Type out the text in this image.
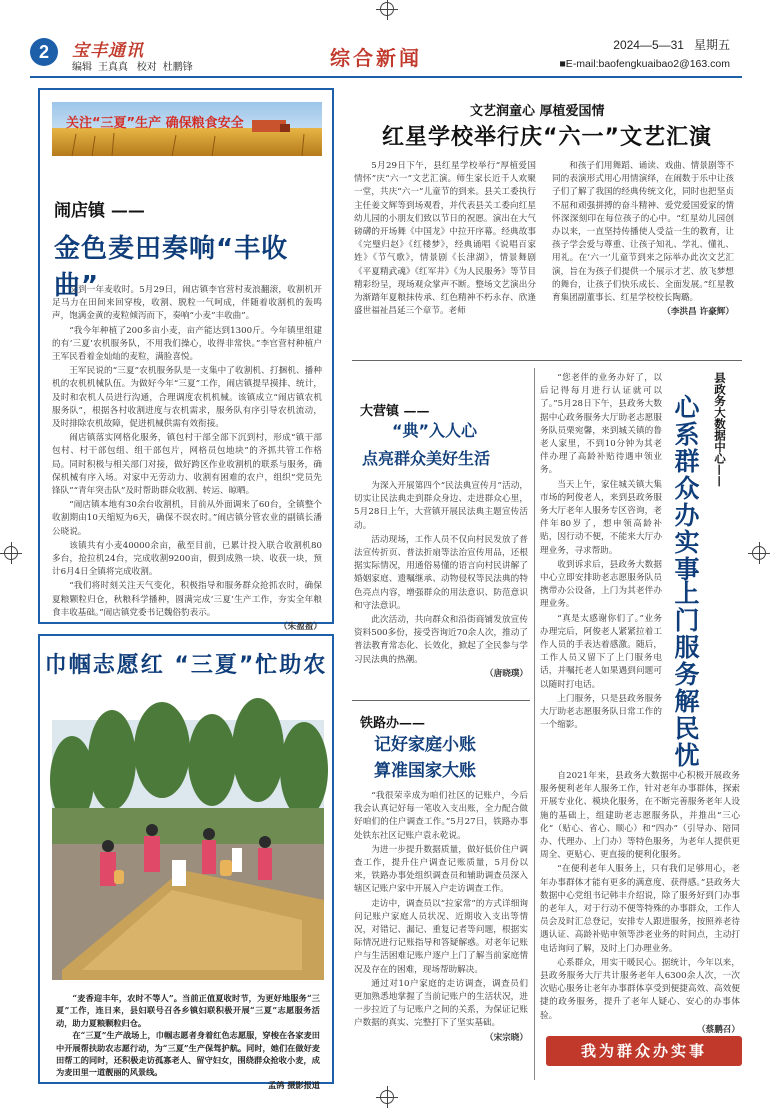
2	宝丰通讯
编辑 王真真 校对 杜鹏锋	综合新闻
2024—5—31 星期五
■E-mail:baofengkuaibao2@163.com
关注“三夏”生产 确保粮食安全
闹店镇 ——
金色麦田奏响“丰收曲”

又到一年麦收时。5月29日，闹店镇李官营村麦浪翻滚，收割机开足马力在田间来回穿梭，收割、脱粒一气呵成，伴随着收割机的轰鸣声，饱满金黄的麦粒倾泻而下，奏响“小麦”丰收曲”。

“我今年种植了200多亩小麦，亩产能达到1300斤。今年镇里组建的有‘三夏’农机服务队，不用我们操心，收得非常快。”李官营村种植户王军民看着金灿灿的麦粒，满脸喜悦。

王军民说的“三夏”农机服务队是一支集中了收割机、打捆机、播种机的农机机械队伍。为做好今年“三夏”工作，闹店镇提早摸排、统计，及时和农机人员进行沟通，合理调度农机机械。该镇成立“闹店镇农机服务队”，根据各村收割进度与农机需求，服务队有序引导农机流动，及时排除农机故障，促进机械供需有效衔接。

闹店镇落实网格化服务，镇包村干部全部下沉到村，形成“镇干部包村、村干部包组、组干部包片，网格员包地块”的齐抓共管工作格局。同时积极与相关部门对接，做好跨区作业收割机的联系与服务，确保机械有序入场。对家中无劳动力、收割有困难的农户，组织“党员先锋队”“青年突击队”及时帮助群众收割、转运、晾晒。

“闹店镇本地有30余台收割机，目前从外面调来了60台，全镇整个收割期由10天缩短为6天，确保不误农时。”闹店镇分管农业的副镇长潘公晓说。

该镇共有小麦40000余亩，截至目前，已累计投入联合收割机80多台，抢拉机24台，完成收割9200亩，假到成熟一块、收获一块，预计6月4日全镇将完成收割。

“我们将时刻关注天气变化，积极指导和服务群众抢抓农时，确保夏粮颗粒归仓，秋粮科学播种，圆满完成‘三夏’生产工作，夯实全年粮食丰收基础。”闹店镇党委书记魏俗豹表示。

（朱盈盈）
巾帼志愿红 “三夏”忙助农

“麦香迎丰年，农时不等人”。当前正值夏收时节，为更好地服务“三夏”工作，连日来，县妇联号召各乡镇妇联积极开展“三夏”志愿服务活动，助力夏粮颗粒归仓。

在“三夏”生产战场上，巾帼志愿者身着红色志愿服，穿梭在各家麦田中开展帮扶助农志愿行动，为“三夏”生产保驾护航。同时，她们在做好麦田帮工的同时，还积极走访孤寡老人、留守妇女，围绕群众抢收小麦，成为麦田里一道靓丽的风景线。

孟鸽 摄影报道
文艺润童心 厚植爱国情
红星学校举行庆“六一”文艺汇演

5月29日下午，县红星学校举行“厚植爱国情怀”庆“六一”文艺汇演。师生家长近千人欢聚一堂，共庆“六一”儿童节的到来。县关工委执行主任姜文辉等到场观看，并代表县关工委向红星幼儿园的小朋友们致以节日的祝愿。演出在大气磅礴的开场舞《中国龙》中拉开序幕。经典故事《完璧归赵》《红楼梦》，经典诵唱《说唱百家姓》《节气歌》，情景剧《长津湖》，情景舞剧《平夏精武魂》《红军井》《为人民服务》等节目精彩纷呈，现场观众掌声不断。整场文艺演出分为渐踏年夏粮抹传承、红色精神不朽永存、欣逢盛世福祉昌延三个章节。老师

和孩子们用舞蹈、诵读、戏曲、情景剧等不同的表演形式用心用情演绎，在闹数于乐中让孩子们了解了我国的经典传统文化，同时也把坚贞不屈和顽强拼搏的奋斗精神、爱党爱国爱家的情怀深深刻印在每位孩子的心中。“红星幼儿园创办以来，一直坚持传播使人受益一生的教育，让孩子学会爱与尊重、让孩子知礼、学礼、懂礼、用礼。在‘六一’儿童节到来之际举办此次文艺汇演，旨在为孩子们提供一个展示才艺、放飞梦想的舞台，让孩子们快乐成长、全面发展。”红星教育集团副董事长、红星学校校长陶璐。

（李洪昌 许豪辉）
大营镇 ——
“典”入人心
点亮群众美好生活

为深入开展第四个“民法典宣传月”活动，切实让民法典走到群众身边、走进群众心里，5月28日上午，大营镇开展民法典主题宣传活动。

活动现场，工作人员不仅向村民发放了普法宣传折页、普法折扇等法治宣传用品，还根据实际情况，用通俗易懂的语言向村民讲解了婚姻家庭、遗嘱继承、动物侵权等民法典的特色亮点内容，增强群众的用法意识、防范意识和守法意识。

此次活动，共向群众和沿街商铺发放宣传资料500多份，接受咨询近70余人次，推动了普法教育常态化、长效化，掀起了全民参与学习民法典的热潮。

（唐晓璞）
铁路办——
记好家庭小账
算准国家大账

“我很荣幸成为咱们社区的记账户，今后我会认真记好每一笔收入支出账，全力配合做好咱们的住户调查工作。”5月27日，铁路办事处铁东社区记账户袁永乾说。

为进一步提升数据质量，做好低价住户调查工作，提升住户调查记账质量，5月份以来，铁路办事处组织调查员和辅助调查员深入辖区记账户家中开展入户走访调查工作。

走访中，调查员以“拉家常”的方式详细询问记账户家庭人员状况、近期收入支出等情况，对错记、漏记、重复记者等问题，根据实际情况进行记账指导和答疑解惑。对老年记账户与生活困难记账户逐户上门了解当前家庭情况及存在的困难，现场帮助解决。

通过对10户家庭的走访调查，调查员们更加熟悉地掌握了当前记账户的生活状况，进一步拉近了与记账户之间的关系，为保证记账户数据的真实、完整打下了坚实基础。

（宋宗晓）

“您老伴的业务办好了，以后记得每月进行认证就可以了。”5月28日下午，县政务大数据中心政务服务大厅助老志愿服务队员栗宛馨，来到城关镇的鲁老人家里，不到10分钟为其老伴办理了高龄补贴待遇申领业务。

当天上午，家住城关镇大集市场的阿俊老人，来到县政务服务大厅老年人服务专区咨询，老伴年80岁了，想申领高龄补贴，因行动不便，不能来大厅办理业务，寻求帮助。

收到诉求后，县政务大数据中心立即安排助老志愿服务队员携带办公设备，上门为其老伴办理业务。

“真是太感谢你们了。”业务办理完后，阿俊老人紧紧拉着工作人员的手表达着感激。随后，工作人员又留下了上门服务电话，并嘱托老人如果遇到问题可以随时打电话。

上门服务，只是县政务服务大厅助老志愿服务队日常工作的一个缩影。

县政务大数据中心——
心系群众办实事
上门服务解民忧

自2021年来，县政务大数据中心积极开展政务服务便利老年人服务工作，针对老年办事群体，探索开展专业化、模块化服务，在不断完善服务老年人设施的基础上，组建助老志愿服务队，并推出“三心化”（贴心、省心、顺心）和“四办”（引导办、陪同办、代理办、上门办）等特色服务，为老年人提供更周全、更贴心、更直接的便利化服务。

“在便利老年人服务上，只有我们足够用心，老年办事群体才能有更多的满意度、获得感。”县政务大数据中心党组书记韩丰介绍说，除了服务好到门办事的老年人，对于行动不便等特殊的办事群众，工作人员会及时汇总登记，安排专人跟进服务，按照养老待遇认证、高龄补贴申领等涉老业务的时间点，主动打电话询问了解，及时上门办理业务。

心系群众，用实干暖民心。据统计，今年以来，县政务服务大厅共计服务老年人6300余人次，一次次贴心服务让老年办事群体享受到便捷高效、高效便捷的政务服务，提升了老年人疑心、安心的办事体验。

（蔡鹏召）
我为群众办实事
